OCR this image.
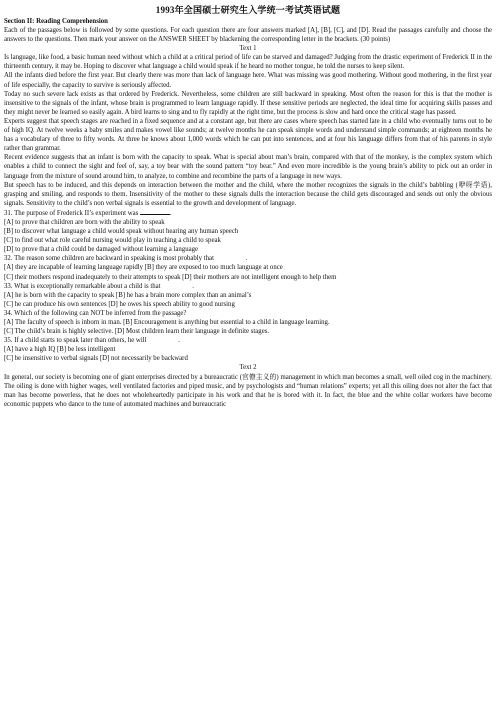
1993年全国硕士研究生入学统一考试英语试题
Section II: Reading Comprehension

Each of the passages below is followed by some questions. For each question there are four answers marked [A], [B], [C], and [D]. Read the passages carefully and choose the answers to the questions. Then mark your answer on the ANSWER SHEET by blackening the corresponding letter in the brackets. (30 points)

Text 1

Is language, like food, a basic human need without which a child at a critical period of life can be starved and damaged? Judging from the drastic experiment of Frederick II in the thirteenth century, it may be. Hoping to discover what language a child would speak if he heard no mother tongue, he told the nurses to keep silent.

All the infants died before the first year. But clearly there was more than lack of language here. What was missing was good mothering. Without good mothering, in the first year of life especially, the capacity to survive is seriously affected.

Today no such severe lack exists as that ordered by Frederick. Nevertheless, some children are still backward in speaking. Most often the reason for this is that the mother is insensitive to the signals of the infant, whose brain is programmed to learn language rapidly. If these sensitive periods are neglected, the ideal time for acquiring skills passes and they might never be learned so easily again. A bird learns to sing and to fly rapidly at the right time, but the process is slow and hard once the critical stage has passed.

Experts suggest that speech stages are reached in a fixed sequence and at a constant age, but there are cases where speech has started late in a child who eventually turns out to be of high IQ. At twelve weeks a baby smiles and makes vowel like sounds; at twelve months he can speak simple words and understand simple commands; at eighteen months he has a vocabulary of three to fifty words. At three he knows about 1,000 words which he can put into sentences, and at four his language differs from that of his parents in style rather than grammar.

Recent evidence suggests that an infant is born with the capacity to speak. What is special about man’s brain, compared with that of the monkey, is the complex system which enables a child to connect the sight and feel of, say, a toy bear with the sound pattern “toy bear.” And even more incredible is the young brain’s ability to pick out an order in language from the mixture of sound around him, to analyze, to combine and recombine the parts of a language in new ways.

But speech has to be induced, and this depends on interaction between the mother and the child, where the mother recognizes the signals in the child’s babbling (咿呀学语), grasping and smiling, and responds to them. Insensitivity of the mother to these signals dulls the interaction because the child gets discouraged and sends out only the obvious signals. Sensitivity to the child’s non verbal signals is essential to the growth and development of language.

31. The purpose of Frederick II’s experiment was	.

[A] to prove that children are born with the ability to speak

[B] to discover what language a child would speak without hearing any human speech

[C] to find out what role careful nursing would play in teaching a child to speak

[D] to prove that a child could be damaged without learning a language

32. The reason some children are backward in speaking is most probably that	.

[A] they are incapable of learning language rapidly [B] they are exposed to too much language at once

[C] their mothers respond inadequately to their attempts to speak [D] their mothers are not intelligent enough to help them

33. What is exceptionally remarkable about a child is that	.

[A] he is born with the capacity to speak [B] he has a brain more complex than an animal’s

[C] he can produce his own sentences [D] he owes his speech ability to good nursing

34. Which of the following can NOT be inferred from the passage?

[A] The faculty of speech is inborn in man. [B] Encouragement is anything but essential to a child in language learning.

[C] The child’s brain is highly selective. [D] Most children learn their language in definite stages.

35. If a child starts to speak later than others, he will	.

[A] have a high IQ [B] be less intelligent

[C] be insensitive to verbal signals [D] not necessarily be backward

Text 2

In general, our society is becoming one of giant enterprises directed by a bureaucratic (官僚主义的) management in which man becomes a small, well oiled cog in the machinery. The oiling is done with higher wages, well ventilated factories and piped music, and by psychologists and “human relations” experts; yet all this oiling does not alter the fact that man has become powerless, that he does not wholeheartedly participate in his work and that he is bored with it. In fact, the blue and the white collar workers have become economic puppets who dance to the tune of automated machines and bureaucratic
